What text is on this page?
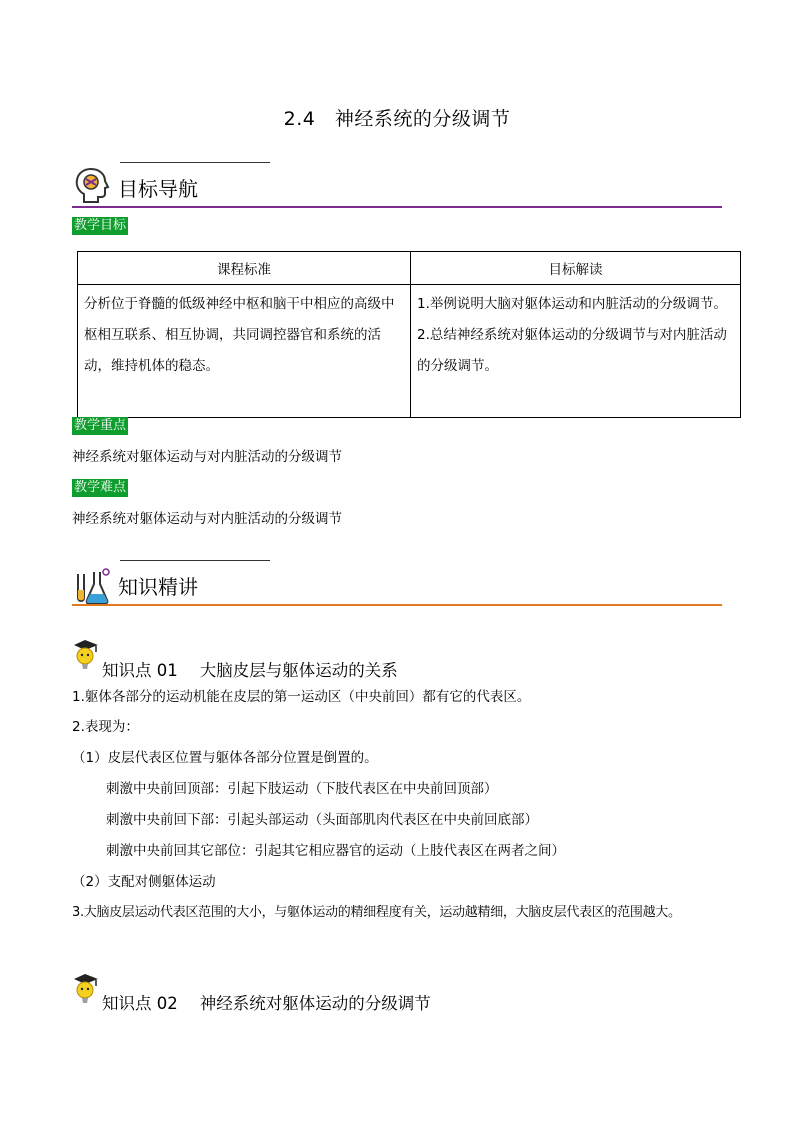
2.4　神经系统的分级调节
目标导航
教学目标
课程标准	目标解读
分析位于脊髓的低级神经中枢和脑干中相应的高级中枢相互联系、相互协调，共同调控器官和系统的活动，维持机体的稳态。	1.举例说明大脑对躯体运动和内脏活动的分级调节。
2.总结神经系统对躯体运动的分级调节与对内脏活动的分级调节。
教学重点
神经系统对躯体运动与对内脏活动的分级调节
教学难点
神经系统对躯体运动与对内脏活动的分级调节
知识精讲
知识点 01 大脑皮层与躯体运动的关系
1.躯体各部分的运动机能在皮层的第一运动区（中央前回）都有它的代表区。
2.表现为：
（1）皮层代表区位置与躯体各部分位置是倒置的。
刺激中央前回顶部：引起下肢运动（下肢代表区在中央前回顶部）
刺激中央前回下部：引起头部运动（头面部肌肉代表区在中央前回底部）
刺激中央前回其它部位：引起其它相应器官的运动（上肢代表区在两者之间）
（2）支配对侧躯体运动
3.大脑皮层运动代表区范围的大小，与躯体运动的精细程度有关，运动越精细，大脑皮层代表区的范围越大。
知识点 02 神经系统对躯体运动的分级调节
